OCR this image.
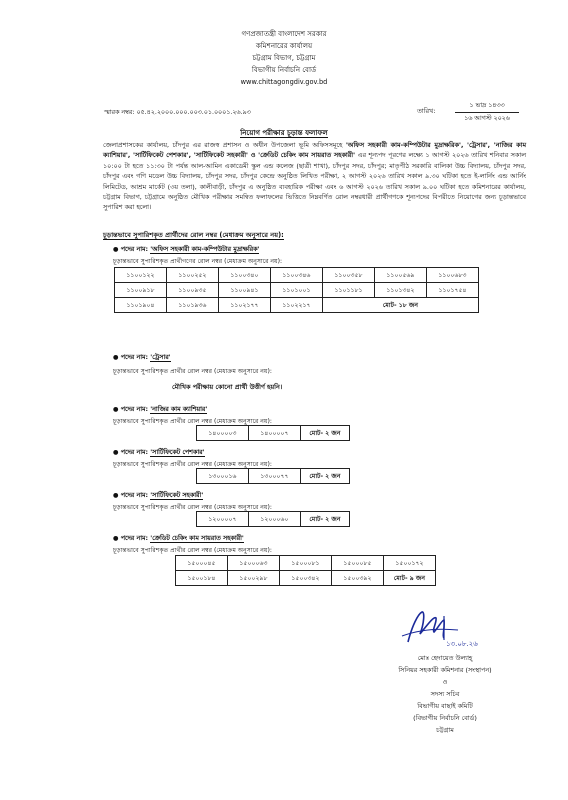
গণপ্রজাতন্ত্রী বাংলাদেশ সরকার
কমিশনারের কার্যালয়
চট্টগ্রাম বিভাগ, চট্টগ্রাম
বিভাগীয় নির্বাচনি বোর্ড
www.chittagongdiv.gov.bd
স্মারক নম্বর: ০৫.৪২.২০০০.০০০.০০৩.০১.০০০১.২৬.৯৩	তারিখ:
১ ভাদ্র ১৪৩৩
১৬ আগস্ট ২০২৬
নিয়োগ পরীক্ষার চূড়ান্ত ফলাফল
জেলাপ্রশাসকের কার্যালয়, চাঁদপুর এর রাজস্ব প্রশাসন ও অধীন উপজেলা ভূমি অফিসসমূহে 'অফিস সহকারী কাম-কম্পিউটার মুদ্রাক্ষরিক', 'ট্রেসার', 'নাজির কাম ক্যাশিয়ার', 'সার্টিফিকেট পেশকার', 'সার্টিফিকেট সহকারী' ও 'ক্রেডিট চেকিং কাম সায়রাত সহকারী' এর শূন্যপদ পূরণের লক্ষ্যে ১ আগস্ট ২০২৬ তারিখ শনিবার সকাল ১০:০০ টা হতে ১১:৩০ টা পর্যন্ত আল-আমিন একাডেমী স্কুল এন্ড কলেজ (ছাত্রী শাখা), চাঁদপুর সদর, চাঁদপুর; মাতৃপীঠ সরকারি বালিকা উচ্চ বিদ্যালয়, চাঁদপুর সদর, চাঁদপুর এবং গণি মডেল উচ্চ বিদ্যালয়, চাঁদপুর সদর, চাঁদপুর কেন্দ্রে অনুষ্ঠিত লিখিত পরীক্ষা, ২ আগস্ট ২০২৬ তারিখ সকাল ৯.৩০ ঘটিকা হতে ই-লার্নিং এন্ড আর্নিং লিমিটেড, আশ্রম মার্কেট (৩য় তলা), কালীবাড়ী, চাঁদপুর এ অনুষ্ঠিত ব্যবহারিক পরীক্ষা এবং ৬ আগস্ট ২০২৬ তারিখ সকাল ৯.০০ ঘটিকা হতে কমিশনারের কার্যালয়, চট্টগ্রাম বিভাগ, চট্টগ্রামে অনুষ্ঠিত মৌখিক পরীক্ষার সমন্বিত ফলাফলের ভিত্তিতে নিম্নবর্ণিত রোল নম্বরধারী প্রার্থীগণকে শূন্যপদের বিপরীতে নিয়োগের জন্য চূড়ান্তভাবে সুপারিশ করা হলো।
চূড়ান্তভাবে সুপারিশকৃত প্রার্থীদের রোল নম্বর (মেধাক্রম অনুসারে নয়):
● পদের নাম: 'অফিস সহকারী কাম-কম্পিউটার মুদ্রাক্ষরিক'
চূড়ান্তভাবে সুপারিশকৃত প্রার্থীগণের রোল নম্বর (মেধাক্রম অনুসারে নয়):
১১০০১২২	১১০০২৫২	১১০০৩৪০	১১০০৩৪৬	১১০০৩৫৮	১১০০৫৬৯	১১০০৬৮৩
১১০০৯১৮	১১০০৯৩৫	১১০০৯৪১	১১০১০০১	১১০১১৮১	১১০১৩৪২	১১০১৭৫৪
১১০১৯০৪	১১০১৯৩৬	১১০২১৭৭	১১০২২১৭	মোট- ১৮ জন		
● পদের নাম: 'ট্রেসার'
চূড়ান্তভাবে সুপারিশকৃত প্রার্থীর রোল নম্বর (মেধাক্রম অনুসারে নয়):
মৌখিক পরীক্ষায় কোনো প্রার্থী উত্তীর্ণ হয়নি।
● পদের নাম: 'নাজির কাম ক্যাশিয়ার'
চূড়ান্তভাবে সুপারিশকৃত প্রার্থীর রোল নম্বর (মেধাক্রম অনুসারে নয়):
১৪০০০০৩	১৪০০০০৭	মোট- ২ জন
● পদের নাম: 'সার্টিফিকেট পেশকার'
চূড়ান্তভাবে সুপারিশকৃত প্রার্থীর রোল নম্বর (মেধাক্রম অনুসারে নয়):
১৩০০০১৬	১৩০০০৭৭	মোট- ২ জন
● পদের নাম: 'সার্টিফিকেট সহকারী'
চূড়ান্তভাবে সুপারিশকৃত প্রার্থীর রোল নম্বর (মেধাক্রম অনুসারে নয়):
১২০০০০৭	১২০০০৬০	মোট- ২ জন
● পদের নাম: 'ক্রেডিট চেকিং কাম সায়রাত সহকারী'
চূড়ান্তভাবে সুপারিশকৃত প্রার্থীর রোল নম্বর (মেধাক্রম অনুসারে নয়):
১৫০০০৪৫	১৫০০০৬৩	১৫০০০৮১	১৫০০০৮৫	১৫০০১৭২
১৫০০১৮৪	১৫০০২৯৮	১৫০০৩৪২	১৫০০৩৯২	মোট- ৯ জন
১৩.০৮.২৬
মোঃ হেদায়েত উল্যাহ্
সিনিয়র সহকারী কমিশনার (সংস্থাপন)
ও
সদস্য সচিব
বিভাগীয় বাছাই কমিটি
(বিভাগীয় নির্বাচনি বোর্ড)
চট্টগ্রাম
